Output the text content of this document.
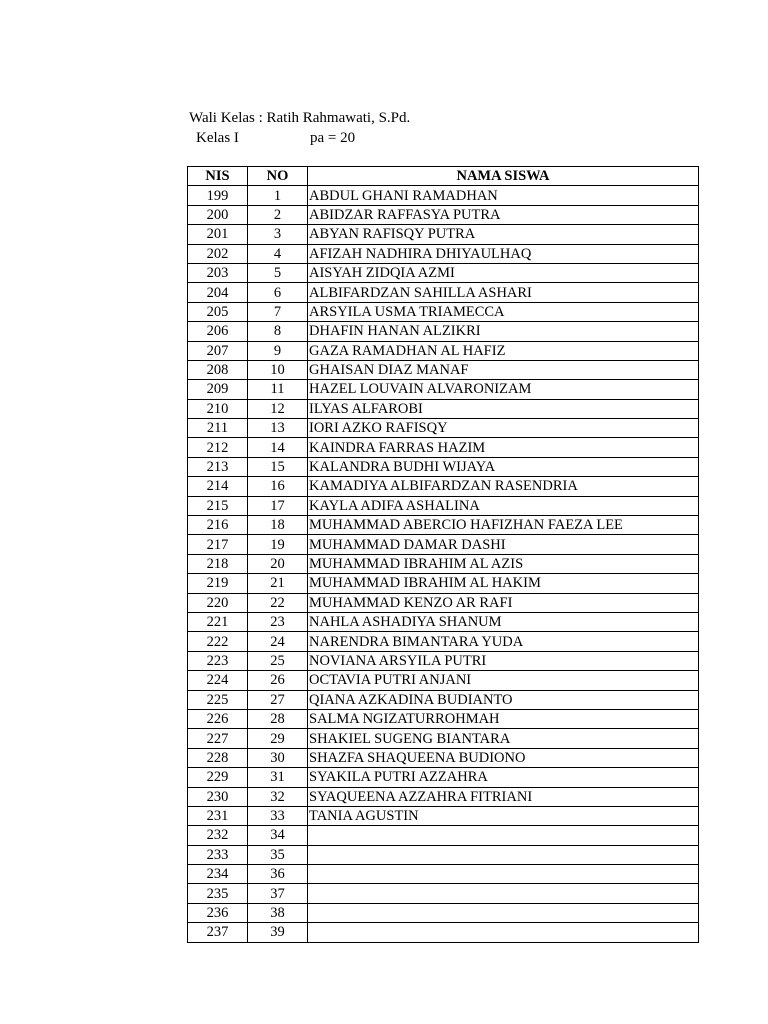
Wali Kelas : Ratih Rahmawati, S.Pd.
Kelas I	pa = 20
NIS	NO	NAMA SISWA
199	1	ABDUL GHANI RAMADHAN
200	2	ABIDZAR RAFFASYA PUTRA
201	3	ABYAN RAFISQY PUTRA
202	4	AFIZAH NADHIRA DHIYAULHAQ
203	5	AISYAH ZIDQIA AZMI
204	6	ALBIFARDZAN SAHILLA ASHARI
205	7	ARSYILA USMA TRIAMECCA
206	8	DHAFIN HANAN ALZIKRI
207	9	GAZA RAMADHAN AL HAFIZ
208	10	GHAISAN DIAZ MANAF
209	11	HAZEL LOUVAIN ALVARONIZAM
210	12	ILYAS ALFAROBI
211	13	IORI AZKO RAFISQY
212	14	KAINDRA FARRAS HAZIM
213	15	KALANDRA BUDHI WIJAYA
214	16	KAMADIYA ALBIFARDZAN RASENDRIA
215	17	KAYLA ADIFA ASHALINA
216	18	MUHAMMAD ABERCIO HAFIZHAN FAEZA LEE
217	19	MUHAMMAD DAMAR DASHI
218	20	MUHAMMAD IBRAHIM AL AZIS
219	21	MUHAMMAD IBRAHIM AL HAKIM
220	22	MUHAMMAD KENZO AR RAFI
221	23	NAHLA ASHADIYA SHANUM
222	24	NARENDRA BIMANTARA YUDA
223	25	NOVIANA ARSYILA PUTRI
224	26	OCTAVIA PUTRI ANJANI
225	27	QIANA AZKADINA BUDIANTO
226	28	SALMA NGIZATURROHMAH
227	29	SHAKIEL SUGENG BIANTARA
228	30	SHAZFA SHAQUEENA BUDIONO
229	31	SYAKILA PUTRI AZZAHRA
230	32	SYAQUEENA AZZAHRA FITRIANI
231	33	TANIA AGUSTIN
232	34	
233	35	
234	36	
235	37	
236	38	
237	39	
